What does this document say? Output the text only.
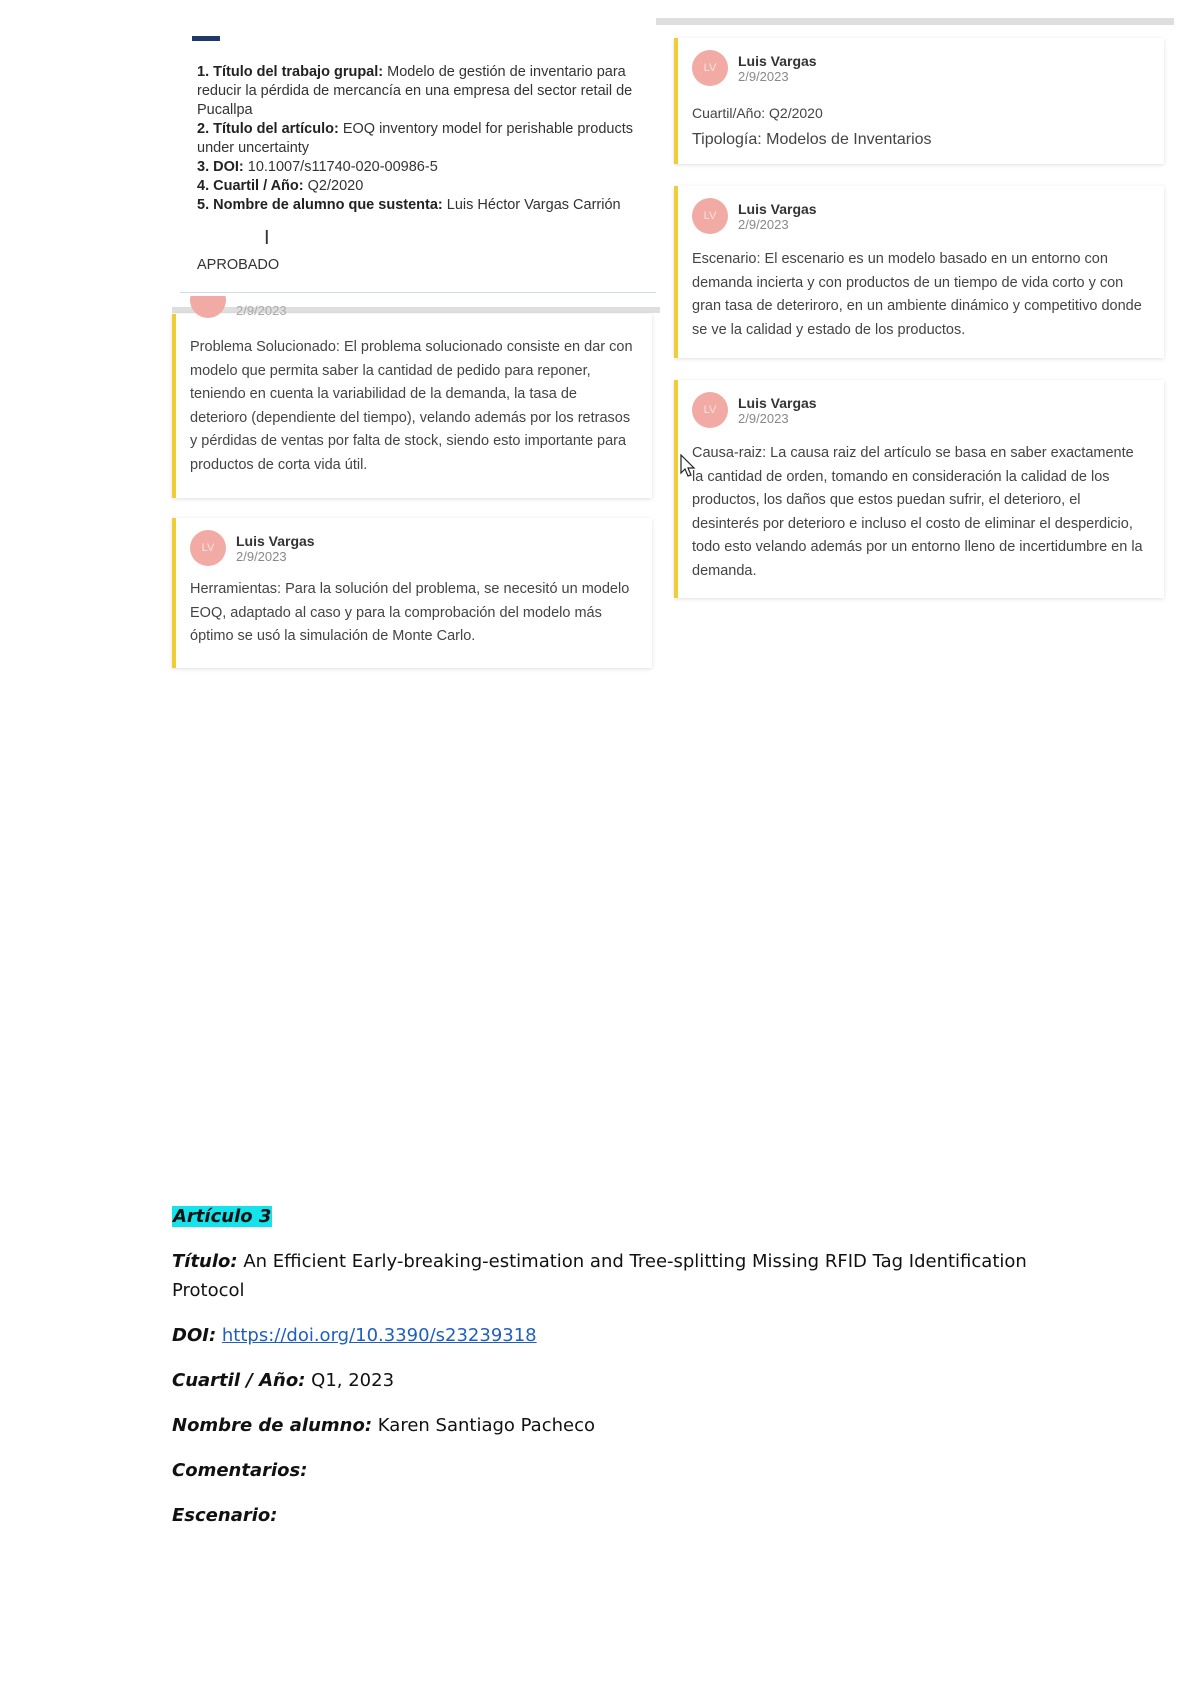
1. Título del trabajo grupal: Modelo de gestión de inventario para reducir la pérdida de mercancía en una empresa del sector retail de Pucallpa
2. Título del artículo: EOQ inventory model for perishable products under uncertainty
3. DOI: 10.1007/s11740-020-00986-5
4. Cuartil / Año: Q2/2020
5. Nombre de alumno que sustenta: Luis Héctor Vargas Carrión
I
APROBADO
2/9/2023

Problema Solucionado: El problema solucionado consiste en dar con modelo que permita saber la cantidad de pedido para reponer, teniendo en cuenta la variabilidad de la demanda, la tasa de deterioro (dependiente del tiempo), velando además por los retrasos y pérdidas de ventas por falta de stock, siendo esto importante para productos de corta vida útil.

LV	Luis Vargas
2/9/2023

Herramientas: Para la solución del problema, se necesitó un modelo EOQ, adaptado al caso y para la comprobación del modelo más óptimo se usó la simulación de Monte Carlo.

LV	Luis Vargas
2/9/2023

Cuartil/Año: Q2/2020

Tipología: Modelos de Inventarios

LV	Luis Vargas
2/9/2023

Escenario: El escenario es un modelo basado en un entorno con demanda incierta y con productos de un tiempo de vida corto y con gran tasa de deteriroro, en un ambiente dinámico y competitivo donde se ve la calidad y estado de los productos.

LV	Luis Vargas
2/9/2023

Causa-raiz: La causa raiz del artículo se basa en saber exactamente la cantidad de orden, tomando en consideración la calidad de los productos, los daños que estos puedan sufrir, el deterioro, el desinterés por deterioro e incluso el costo de eliminar el desperdicio, todo esto velando además por un entorno lleno de incertidumbre en la demanda.

Artículo 3
Título: An Efficient Early-breaking-estimation and Tree-splitting Missing RFID Tag Identification Protocol
DOI: https://doi.org/10.3390/s23239318
Cuartil / Año: Q1, 2023
Nombre de alumno: Karen Santiago Pacheco
Comentarios:
Escenario:
